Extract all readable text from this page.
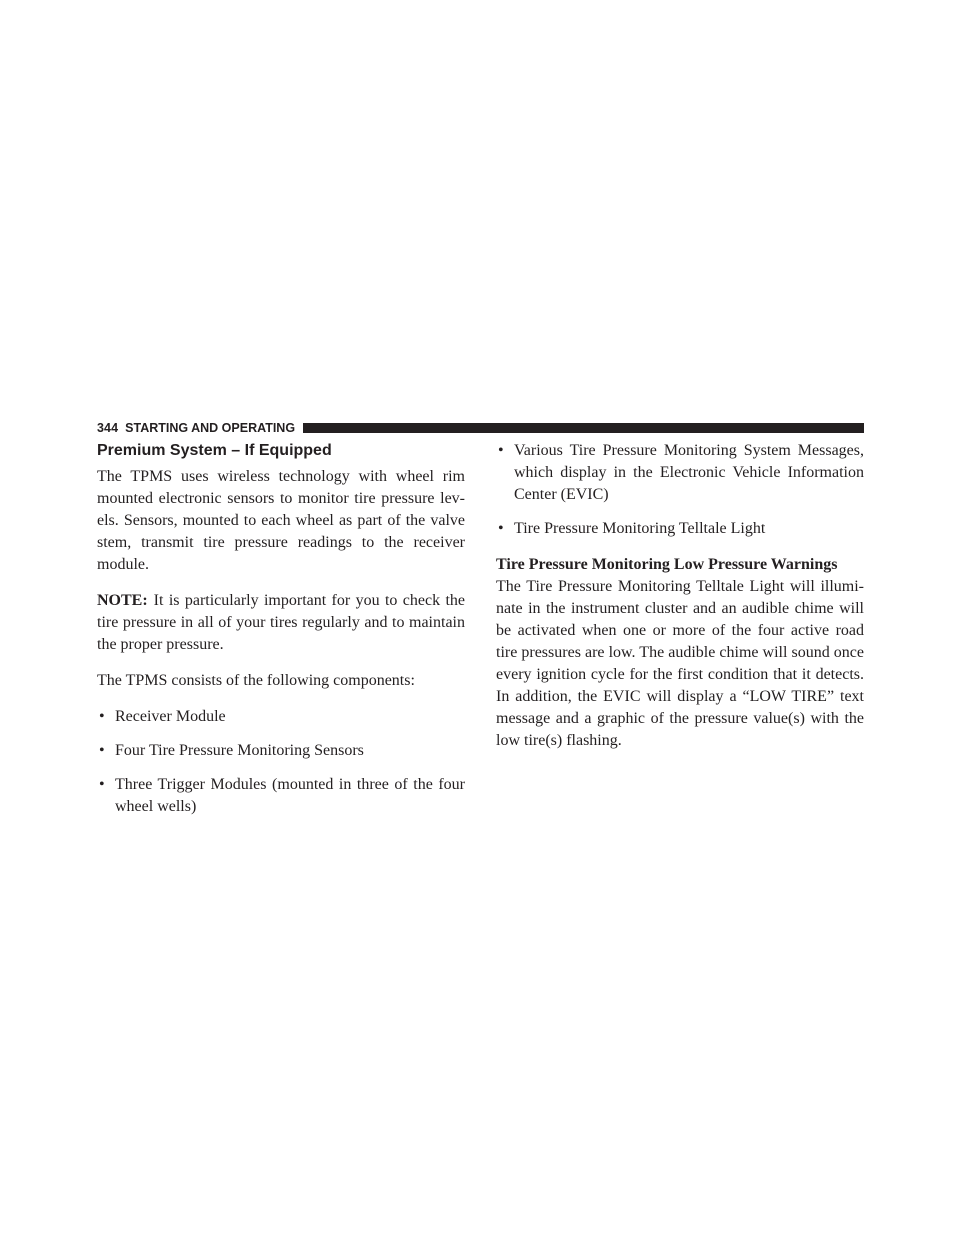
344 STARTING AND OPERATING
Premium System – If Equipped

The TPMS uses wireless technology with wheel rim mounted electronic sensors to monitor tire pressure lev-els. Sensors, mounted to each wheel as part of the valve stem, transmit tire pressure readings to the receiver module.

NOTE: It is particularly important for you to check the tire pressure in all of your tires regularly and to maintain the proper pressure.

The TPMS consists of the following components:

• Receiver Module
• Four Tire Pressure Monitoring Sensors
• Three Trigger Modules (mounted in three of the four wheel wells)
• Various Tire Pressure Monitoring System Messages, which display in the Electronic Vehicle Information Center (EVIC)
• Tire Pressure Monitoring Telltale Light
Tire Pressure Monitoring Low Pressure Warnings

The Tire Pressure Monitoring Telltale Light will illumi-nate in the instrument cluster and an audible chime will be activated when one or more of the four active road tire pressures are low. The audible chime will sound once every ignition cycle for the first condition that it detects. In addition, the EVIC will display a “LOW TIRE” text message and a graphic of the pressure value(s) with the low tire(s) flashing.
